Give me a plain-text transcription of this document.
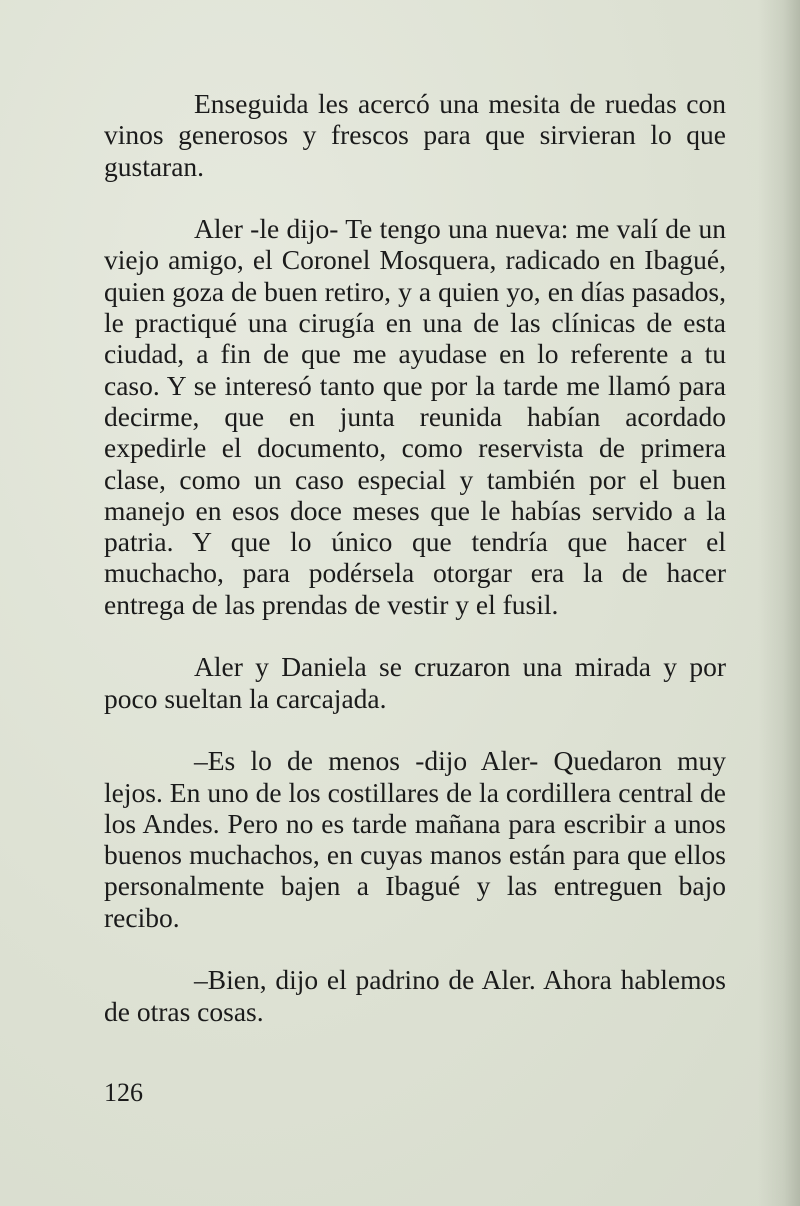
Enseguida les acercó una mesita de ruedas con vinos generosos y frescos para que sirvieran lo que gustaran.

Aler -le dijo- Te tengo una nueva: me valí de un viejo amigo, el Coronel Mosquera, radicado en Ibagué, quien goza de buen retiro, y a quien yo, en días pasados, le practiqué una cirugía en una de las clínicas de esta ciudad, a fin de que me ayudase en lo referente a tu caso. Y se interesó tanto que por la tarde me llamó para decirme, que en junta reunida habían acordado expedirle el documento, como reservista de primera clase, como un caso especial y también por el buen manejo en esos doce meses que le habías servido a la patria. Y que lo único que tendría que hacer el muchacho, para podérsela otorgar era la de hacer entrega de las prendas de vestir y el fusil.

Aler y Daniela se cruzaron una mirada y por poco sueltan la carcajada.

–Es lo de menos -dijo Aler- Quedaron muy lejos. En uno de los costillares de la cordillera central de los Andes. Pero no es tarde mañana para escribir a unos buenos muchachos, en cuyas manos están para que ellos personalmente bajen a Ibagué y las entreguen bajo recibo.

–Bien, dijo el padrino de Aler. Ahora hablemos de otras cosas.

126
